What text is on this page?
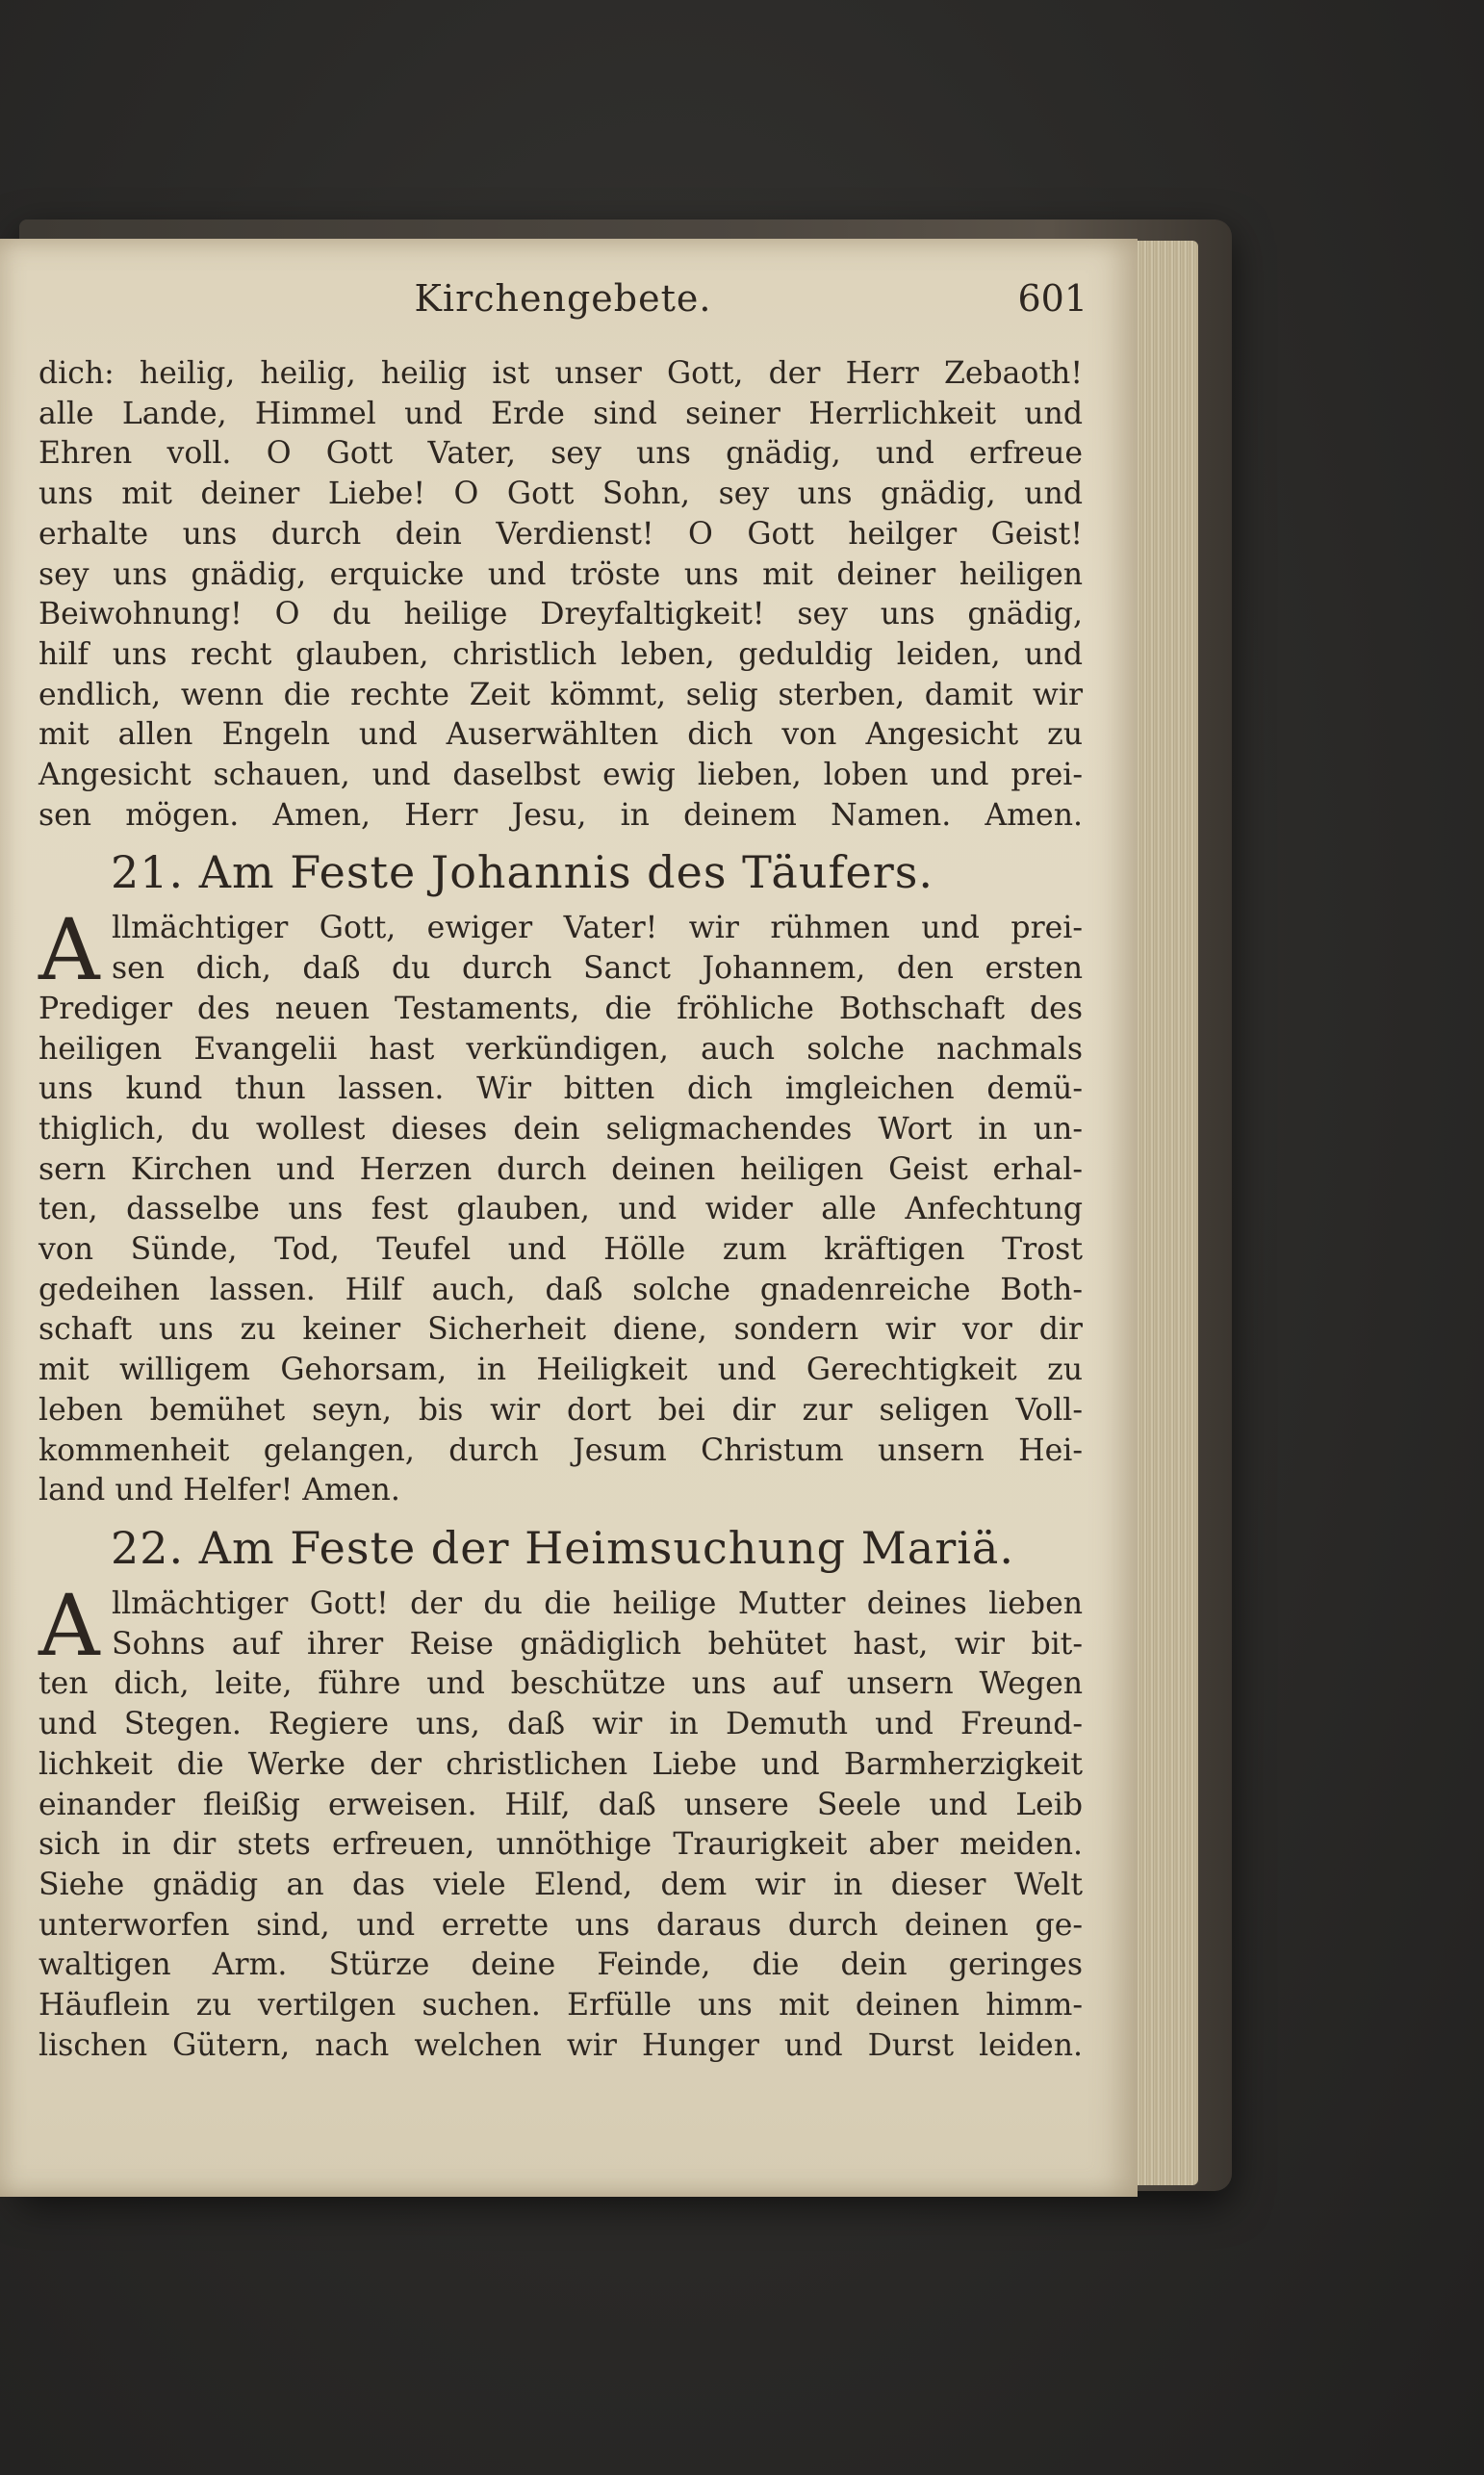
Kirchengebete.	601
dich: heilig, heilig, heilig ist unser Gott, der Herr Zebaoth!
alle Lande, Himmel und Erde sind seiner Herrlichkeit und
Ehren voll. O Gott Vater, sey uns gnädig, und erfreue
uns mit deiner Liebe! O Gott Sohn, sey uns gnädig, und
erhalte uns durch dein Verdienst! O Gott heilger Geist!
sey uns gnädig, erquicke und tröste uns mit deiner heiligen
Beiwohnung! O du heilige Dreyfaltigkeit! sey uns gnädig,
hilf uns recht glauben, christlich leben, geduldig leiden, und
endlich, wenn die rechte Zeit kömmt, selig sterben, damit wir
mit allen Engeln und Auserwählten dich von Angesicht zu
Angesicht schauen, und daselbst ewig lieben, loben und prei-
sen mögen. Amen, Herr Jesu, in deinem Namen. Amen.
21. Am Feste Johannis des Täufers.
A llmächtiger Gott, ewiger Vater! wir rühmen und prei-
sen dich, daß du durch Sanct Johannem, den ersten
Prediger des neuen Testaments, die fröhliche Bothschaft des
heiligen Evangelii hast verkündigen, auch solche nachmals
uns kund thun lassen. Wir bitten dich imgleichen demü-
thiglich, du wollest dieses dein seligmachendes Wort in un-
sern Kirchen und Herzen durch deinen heiligen Geist erhal-
ten, dasselbe uns fest glauben, und wider alle Anfechtung
von Sünde, Tod, Teufel und Hölle zum kräftigen Trost
gedeihen lassen. Hilf auch, daß solche gnadenreiche Both-
schaft uns zu keiner Sicherheit diene, sondern wir vor dir
mit willigem Gehorsam, in Heiligkeit und Gerechtigkeit zu
leben bemühet seyn, bis wir dort bei dir zur seligen Voll-
kommenheit gelangen, durch Jesum Christum unsern Hei-
land und Helfer! Amen.
22. Am Feste der Heimsuchung Mariä.
A llmächtiger Gott! der du die heilige Mutter deines lieben
Sohns auf ihrer Reise gnädiglich behütet hast, wir bit-
ten dich, leite, führe und beschütze uns auf unsern Wegen
und Stegen. Regiere uns, daß wir in Demuth und Freund-
lichkeit die Werke der christlichen Liebe und Barmherzigkeit
einander fleißig erweisen. Hilf, daß unsere Seele und Leib
sich in dir stets erfreuen, unnöthige Traurigkeit aber meiden.
Siehe gnädig an das viele Elend, dem wir in dieser Welt
unterworfen sind, und errette uns daraus durch deinen ge-
waltigen Arm. Stürze deine Feinde, die dein geringes
Häuflein zu vertilgen suchen. Erfülle uns mit deinen himm-
lischen Gütern, nach welchen wir Hunger und Durst leiden.
